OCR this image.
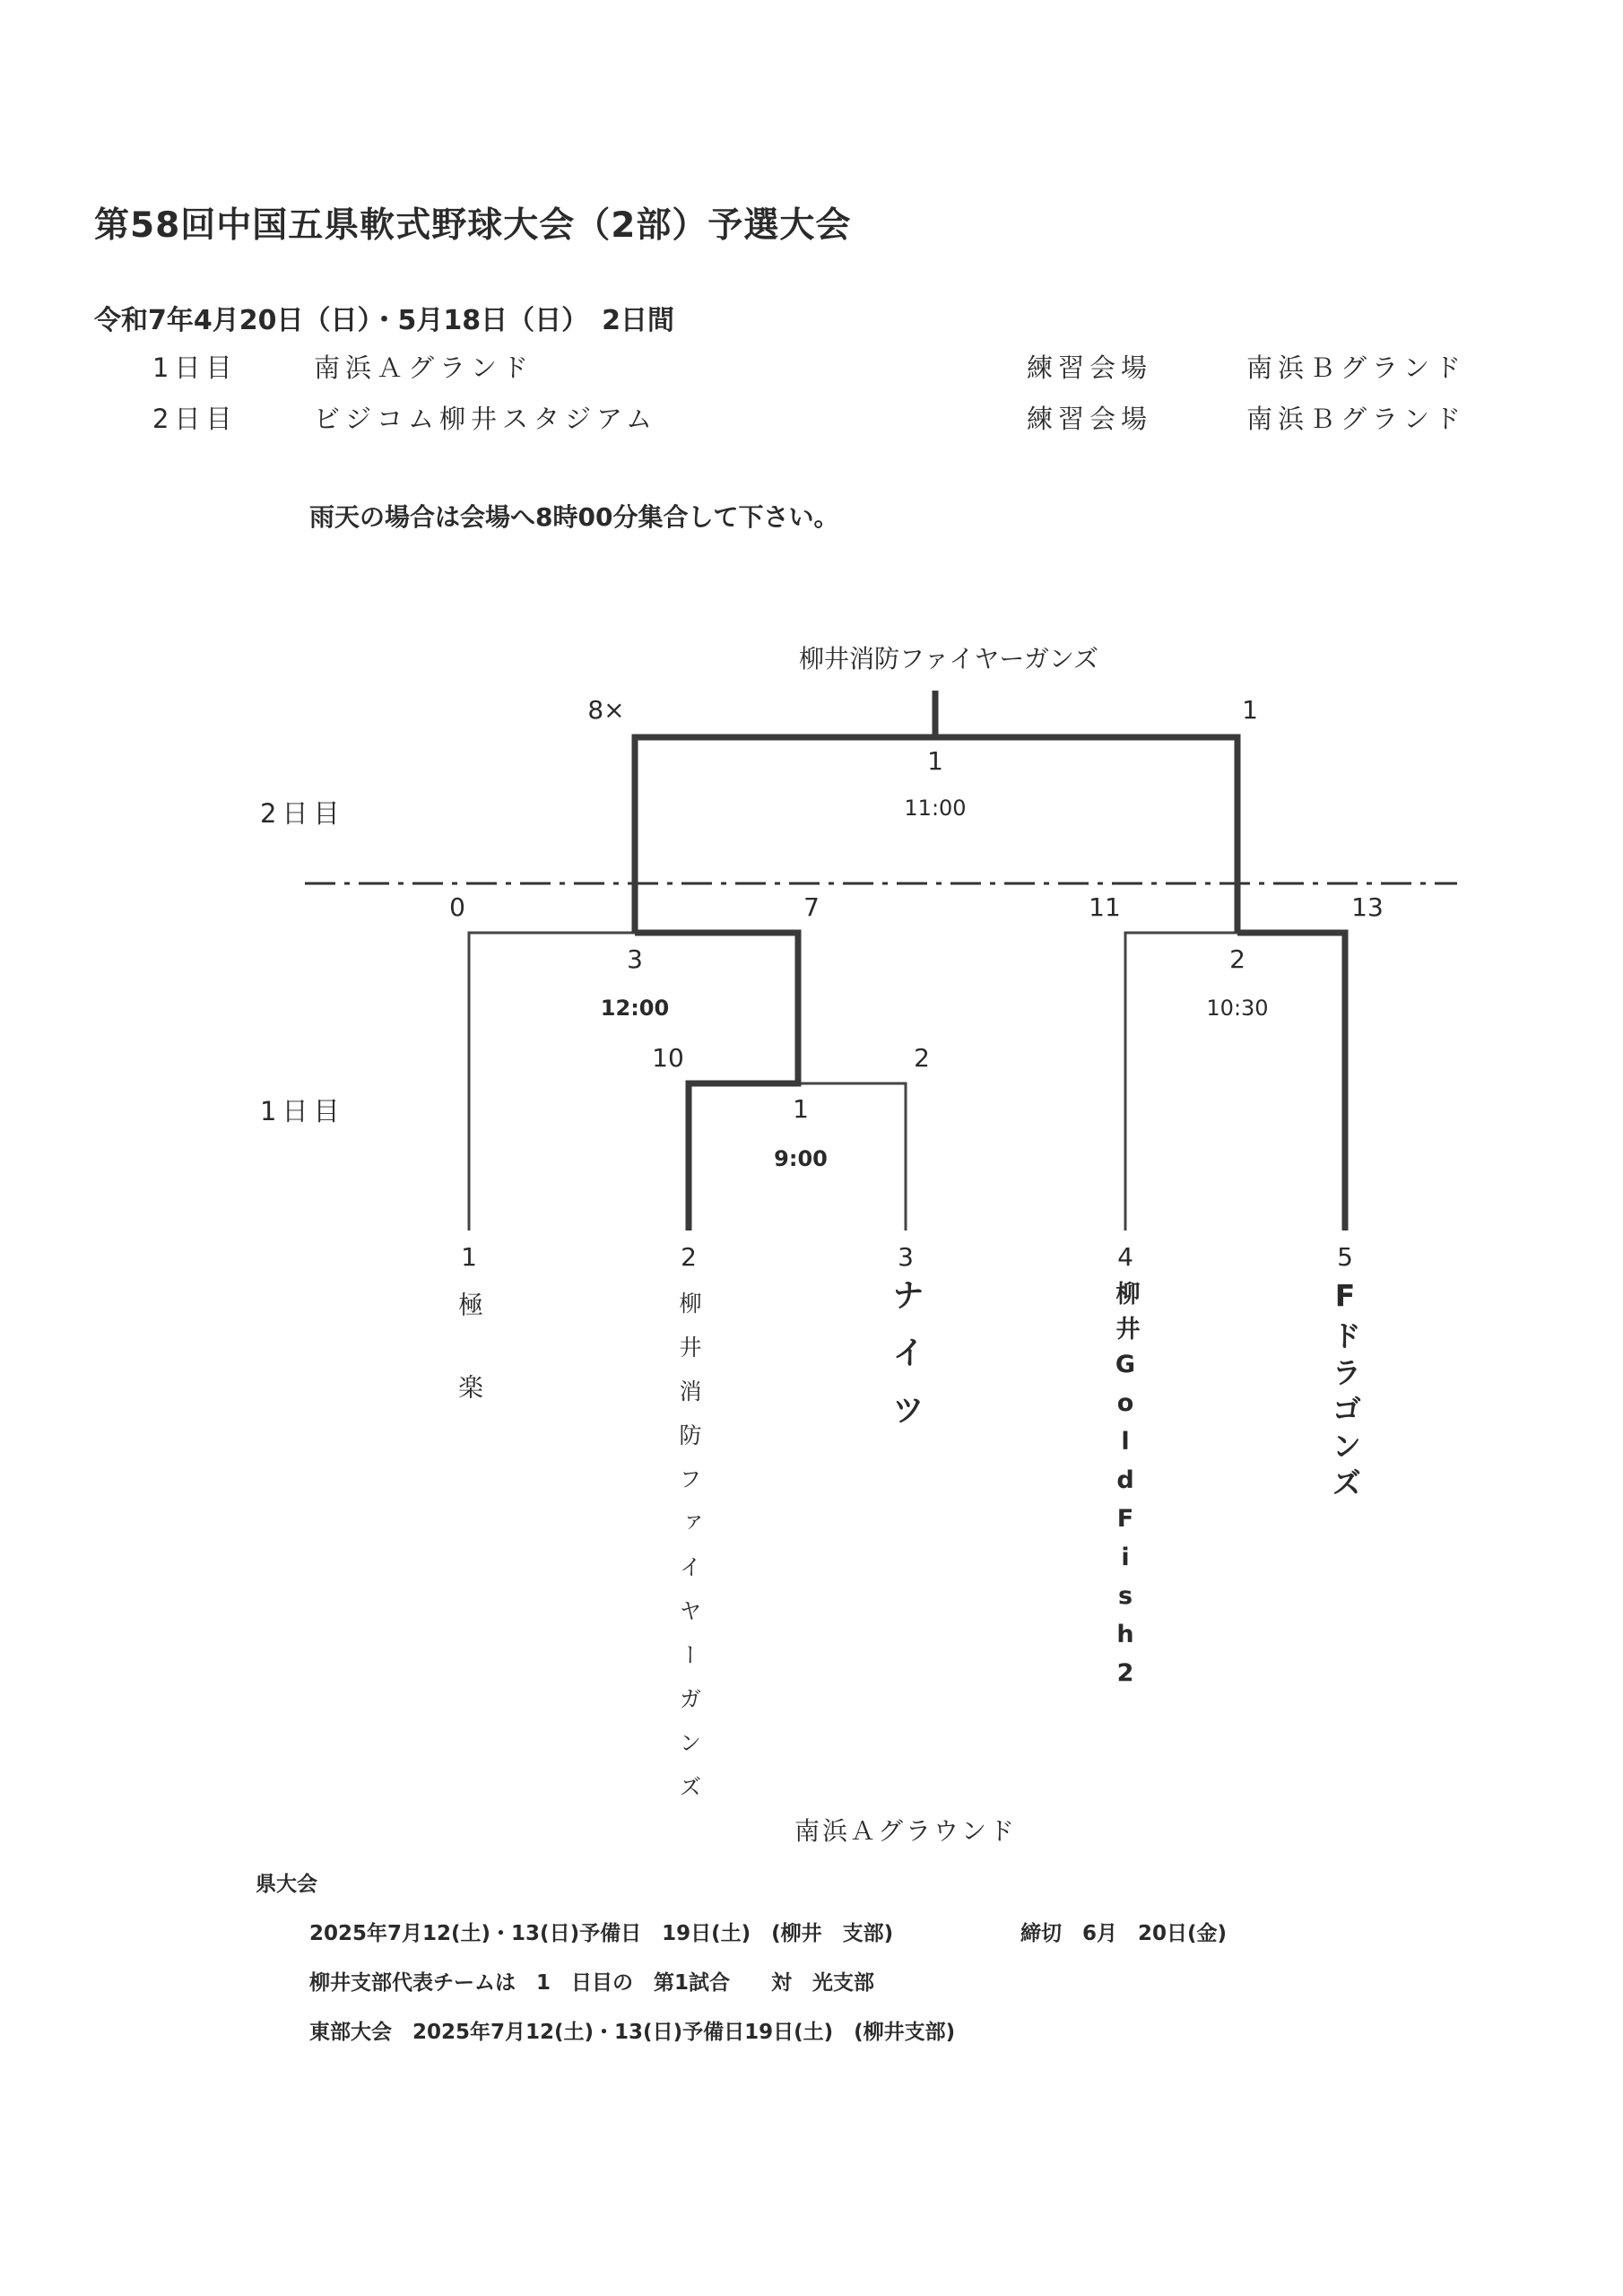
第58回中国五県軟式野球大会（2部）予選大会
令和7年4月20日（日）・5月18日（日）　2日間
1日目	南浜Ａグランド	練習会場	南浜Ｂグランド
2日目	ビジコム柳井スタジアム	練習会場	南浜Ｂグランド
雨天の場合は会場へ8時00分集合して下さい。
柳井消防ファイヤーガンズ
2日目
1日目
8×	1
1
11:00
0	7
3
12:00
11	13
2
10:30
10	2
1
9:00
1	2	3	4	5
極楽	柳井消防ファイヤーガンズ	ナイツ	柳井GoldFish2	Fドラゴンズ
南浜Ａグラウンド
県大会
2025年7月12(土)・13(日)予備日　19日(土)　(柳井　支部)	締切　6月　20日(金)
柳井支部代表チームは　1　日目の　第1試合　　対　光支部
東部大会　2025年7月12(土)・13(日)予備日19日(土)　(柳井支部)
